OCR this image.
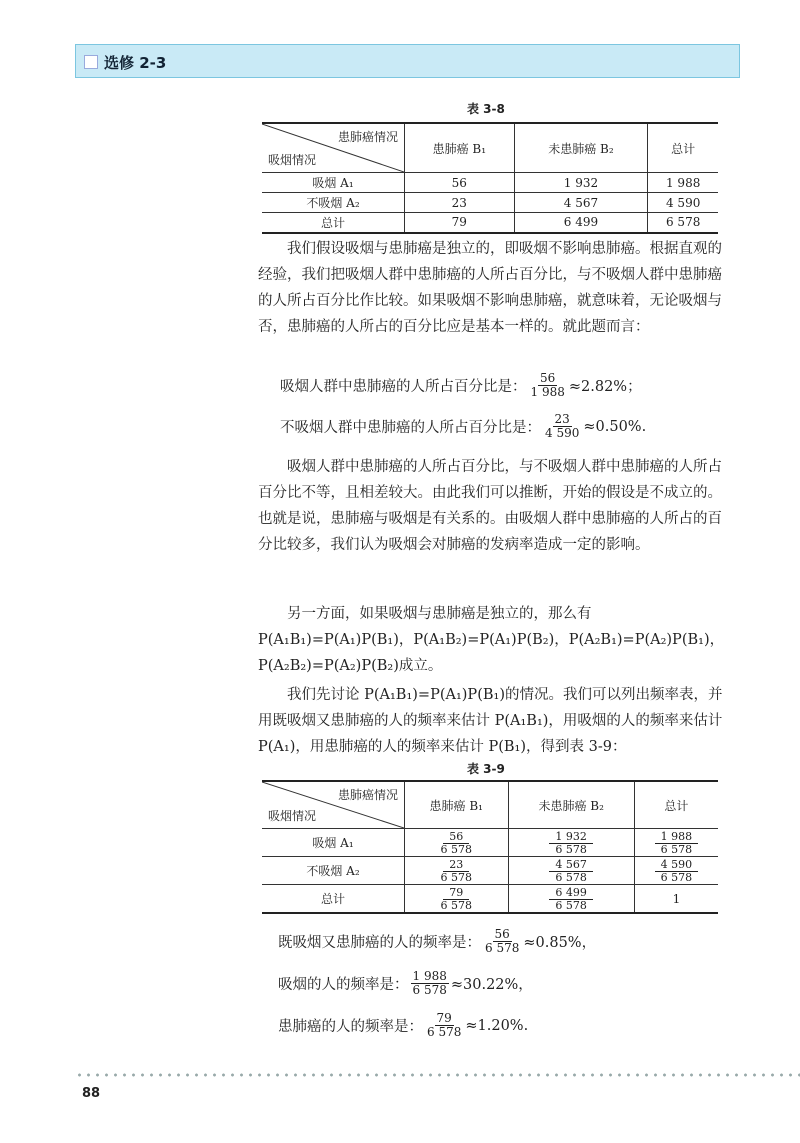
选修 2-3
表 3-8
患肺癌情况
吸烟情况	患肺癌 B₁	未患肺癌 B₂	总计
吸烟 A₁	56	1 932	1 988
不吸烟 A₂	23	4 567	4 590
总计	79	6 499	6 578

我们假设吸烟与患肺癌是独立的，即吸烟不影响患肺癌。根据直观的经验，我们把吸烟人群中患肺癌的人所占百分比，与不吸烟人群中患肺癌的人所占百分比作比较。如果吸烟不影响患肺癌，就意味着，无论吸烟与否，患肺癌的人所占的百分比应是基本一样的。就此题而言：

吸烟人群中患肺癌的人所占百分比是： $\frac{56}{1 988} \approx 2.82\%$；
不吸烟人群中患肺癌的人所占百分比是： $\frac{23}{4 590} \approx 0.50\%$.

吸烟人群中患肺癌的人所占百分比，与不吸烟人群中患肺癌的人所占百分比不等，且相差较大。由此我们可以推断，开始的假设是不成立的。也就是说，患肺癌与吸烟是有关系的。由吸烟人群中患肺癌的人所占的百分比较多，我们认为吸烟会对肺癌的发病率造成一定的影响。

另一方面，如果吸烟与患肺癌是独立的，那么有 P(A₁B₁)=P(A₁)P(B₁)，P(A₁B₂)=P(A₁)P(B₂)，P(A₂B₁)=P(A₂)P(B₁)，P(A₂B₂)=P(A₂)P(B₂)成立。

我们先讨论 P(A₁B₁)=P(A₁)P(B₁)的情况。我们可以列出频率表，并用既吸烟又患肺癌的人的频率来估计 P(A₁B₁)，用吸烟的人的频率来估计 P(A₁)，用患肺癌的人的频率来估计 P(B₁)，得到表 3-9：

表 3-9
患肺癌情况
吸烟情况	患肺癌 B₁	未患肺癌 B₂	总计
吸烟 A₁	$\frac{56}{6 578}$	$\frac{1 932}{6 578}$	$\frac{1 988}{6 578}$

不吸烟 A₂	$\frac{23}{6 578}$	$\frac{4 567}{6 578}$	$\frac{4 590}{6 578}$

总计	$\frac{79}{6 578}$	$\frac{6 499}{6 578}$	1
既吸烟又患肺癌的人的频率是： $\frac{56}{6 578} \approx 0.85\%$，
吸烟的人的频率是： $\frac{1 988}{6 578} \approx 30.22\%$，
患肺癌的人的频率是： $\frac{79}{6 578} \approx 1.20\%$.
88
